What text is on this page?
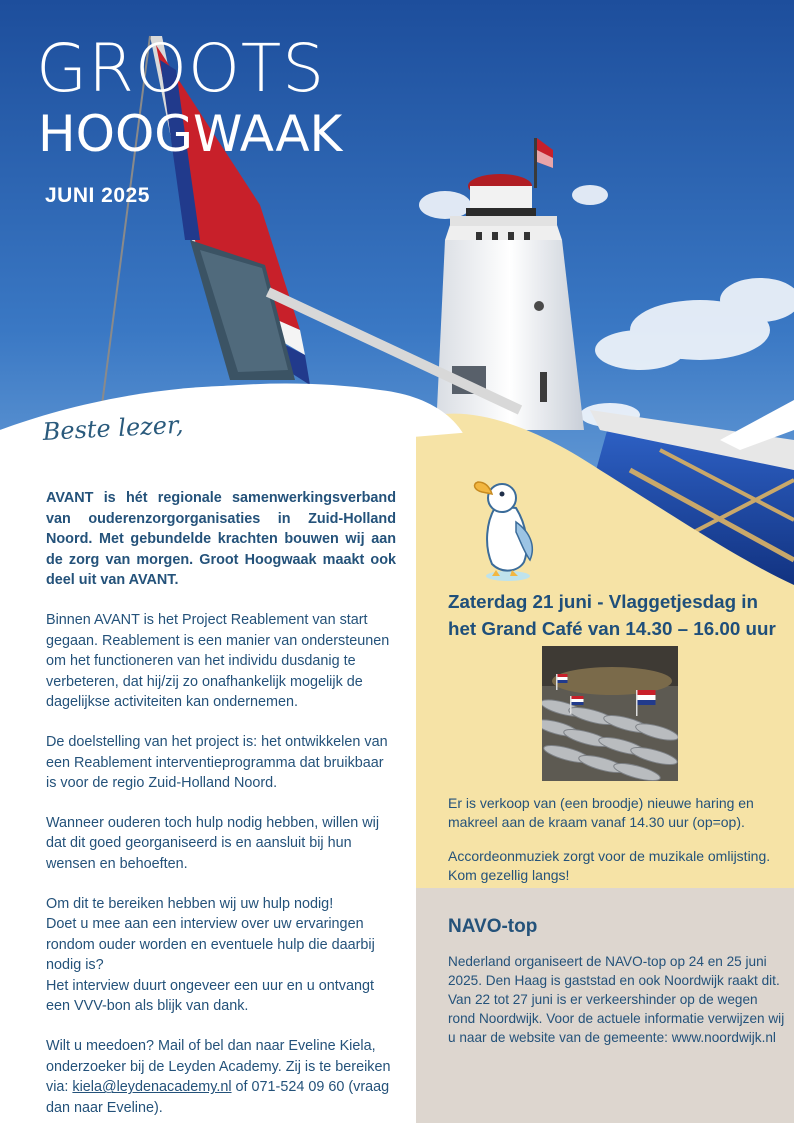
GROOTS
HOOGWAAK
JUNI 2025
Beste lezer,

AVANT is hét regionale samenwerkingsverband van ouderenzorgorganisaties in Zuid-Holland Noord. Met gebundelde krachten bouwen wij aan de zorg van morgen. Groot Hoogwaak maakt ook deel uit van AVANT.

Binnen AVANT is het Project Reablement van start gegaan. Reablement is een manier van ondersteunen om het functioneren van het individu dusdanig te verbeteren, dat hij/zij zo onafhankelijk mogelijk de dagelijkse activiteiten kan ondernemen.

De doelstelling van het project is: het ontwikkelen van een Reablement interventieprogramma dat bruikbaar is voor de regio Zuid-Holland Noord.

Wanneer ouderen toch hulp nodig hebben, willen wij dat dit goed georganiseerd is en aansluit bij hun wensen en behoeften.

Om dit te bereiken hebben wij uw hulp nodig!
Doet u mee aan een interview over uw ervaringen rondom ouder worden en eventuele hulp die daarbij nodig is?
Het interview duurt ongeveer een uur en u ontvangt een VVV-bon als blijk van dank.

Wilt u meedoen? Mail of bel dan naar Eveline Kiela, onderzoeker bij de Leyden Academy. Zij is te bereiken via: kiela@leydenacademy.nl of 071-524 09 60 (vraag dan naar Eveline).

Zaterdag 21 juni - Vlaggetjesdag in het Grand Café van 14.30 – 16.00 uur

Er is verkoop van (een broodje) nieuwe haring en makreel aan de kraam vanaf 14.30 uur (op=op).

Accordeonmuziek zorgt voor de muzikale omlijsting. Kom gezellig langs!

NAVO-top

Nederland organiseert de NAVO-top op 24 en 25 juni 2025. Den Haag is gaststad en ook Noordwijk raakt dit. Van 22 tot 27 juni is er verkeershinder op de wegen rond Noordwijk. Voor de actuele informatie verwijzen wij u naar de website van de gemeente: www.noordwijk.nl
